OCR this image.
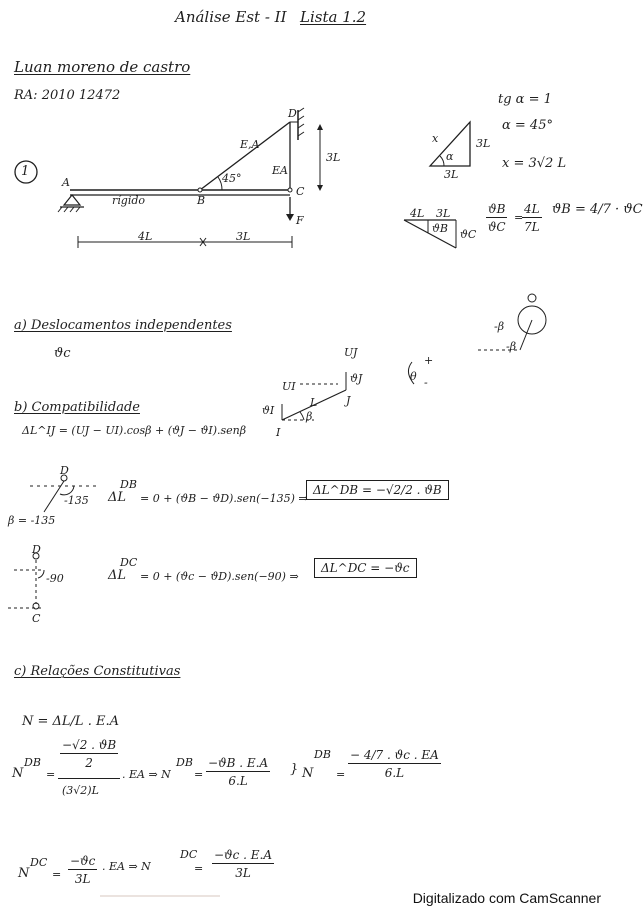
Análise Est - II Lista 1.2
Luan moreno de castro
RA: 2010 12472
1
A
B
C
D
rígido
E,A
EA
45°
3L
F
4L	3L
x	3L
3L
α
tg α = 1
α = 45°
x = 3√2 L
4L 3L
ϑB ϑC
$\frac{ϑB}{ϑC}$ =
$\frac{4L}{7L}$ ϑB = 4/7 · ϑC
a) Deslocamentos independentes
ϑc
θ
+
-
-β
-β
b) Compatibilidade
ΔL^IJ = (UJ − UI).cosβ + (ϑJ − ϑI).senβ
UJ
UI
ϑJ
ϑI
L
β
I
J
D
-135
β = -135
ΔL
DB
= 0 + (ϑB − ϑD).sen(−135) ⇒
ΔL^DB = −√2/2 . ϑB
D
-90
C
ΔL
DC
= 0 + (ϑc − ϑD).sen(−90) ⇒
ΔL^DC = −ϑc
c) Relações Constitutivas
N = ΔL/L . E.A
N
DB
=
$\frac{-√2 . ϑB}{2}$
(3√2)L
. EA ⇒ N
DB
= $\frac{-ϑB . E.A}{6.L}$ } N
DB
= $\frac{- 4/7 . ϑc . EA}{6.L}$
N
DC
= $\frac{-ϑc}{3L}$ . EA ⇒ N
DC
= $\frac{-ϑc . E.A}{3L}$
Digitalizado com CamScanner
